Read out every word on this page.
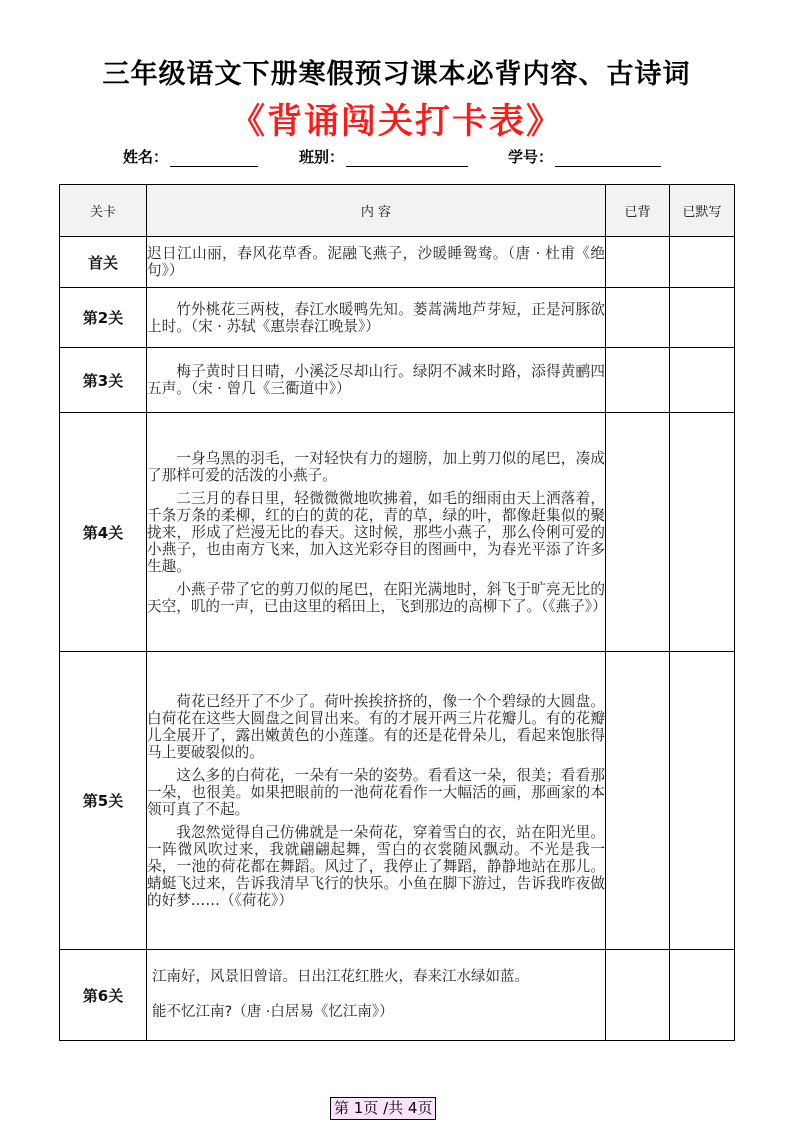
三年级语文下册寒假预习课本必背内容、古诗词
《背诵闯关打卡表》
姓名：	班别：	学号：
关卡	内 容	已背	已默写
首关	迟日江山丽，春风花草香。泥融飞燕子，沙暖睡鸳鸯。（唐 · 杜甫《绝句》）		

第2关	竹外桃花三两枝，春江水暖鸭先知。蒌蒿满地芦芽短，正是河豚欲上时。（宋 · 苏轼《惠崇春江晚景》）		

第3关	梅子黄时日日晴，小溪泛尽却山行。绿阴不减来时路，添得黄鹂四五声。（宋 · 曾几《三衢道中》）		

第4关	一身乌黑的羽毛，一对轻快有力的翅膀，加上剪刀似的尾巴，凑成了那样可爱的活泼的小燕子。

二三月的春日里，轻微微微地吹拂着，如毛的细雨由天上洒落着，千条万条的柔柳，红的白的黄的花，青的草，绿的叶，都像赶集似的聚拢来，形成了烂漫无比的春天。这时候，那些小燕子，那么伶俐可爱的小燕子，也由南方飞来，加入这光彩夺目的图画中，为春光平添了许多生趣。

小燕子带了它的剪刀似的尾巴，在阳光满地时，斜飞于旷亮无比的天空，叽的一声，已由这里的稻田上，飞到那边的高柳下了。（《燕子》）		

第5关	荷花已经开了不少了。荷叶挨挨挤挤的，像一个个碧绿的大圆盘。白荷花在这些大圆盘之间冒出来。有的才展开两三片花瓣儿。有的花瓣儿全展开了，露出嫩黄色的小莲蓬。有的还是花骨朵儿，看起来饱胀得马上要破裂似的。

这么多的白荷花，一朵有一朵的姿势。看看这一朵，很美；看看那一朵，也很美。如果把眼前的一池荷花看作一大幅活的画，那画家的本领可真了不起。

我忽然觉得自己仿佛就是一朵荷花，穿着雪白的衣，站在阳光里。一阵微风吹过来，我就翩翩起舞，雪白的衣裳随风飘动。不光是我一朵，一池的荷花都在舞蹈。风过了，我停止了舞蹈，静静地站在那儿。蜻蜓飞过来，告诉我清早飞行的快乐。小鱼在脚下游过，告诉我昨夜做的好梦……（《荷花》）		

第6关	江南好，风景旧曾谙。日出江花红胜火，春来江水绿如蓝。

能不忆江南?（唐 ·白居易《忆江南》）		

第 1页 /共 4页
